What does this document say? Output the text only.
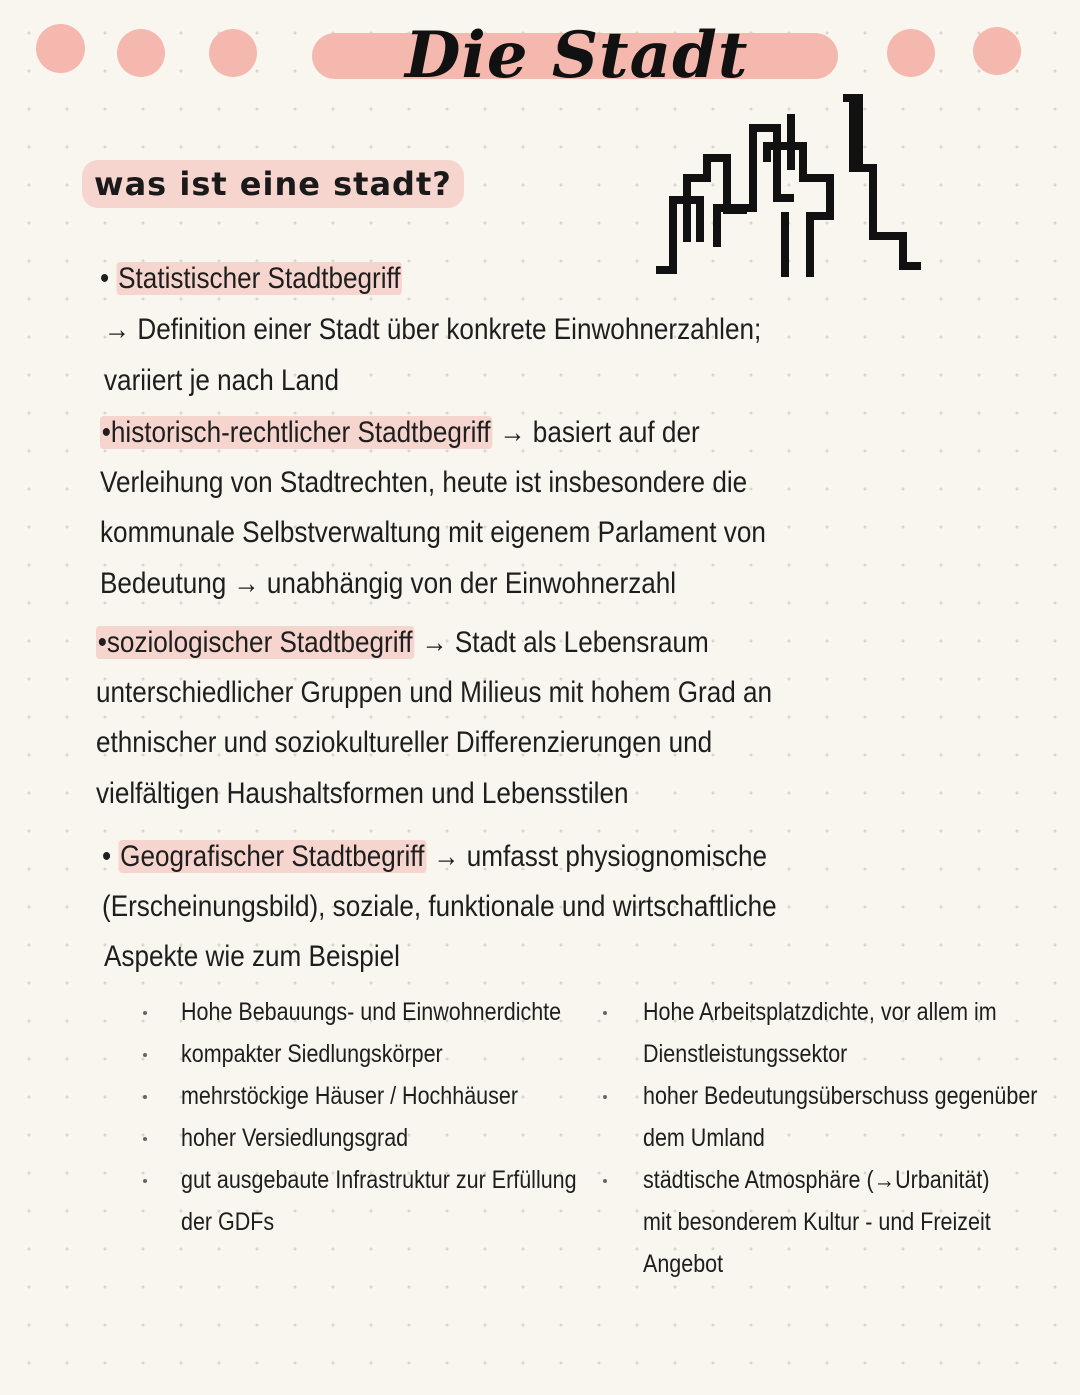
Die Stadt
was ist eine stadt?

• Statistischer Stadtbegriff

→ Definition einer Stadt über konkrete Einwohnerzahlen;

variiert je nach Land

•historisch-rechtlicher Stadtbegriff → basiert auf der

Verleihung von Stadtrechten, heute ist insbesondere die

kommunale Selbstverwaltung mit eigenem Parlament von

Bedeutung → unabhängig von der Einwohnerzahl

•soziologischer Stadtbegriff → Stadt als Lebensraum

unterschiedlicher Gruppen und Milieus mit hohem Grad an

ethnischer und soziokultureller Differenzierungen und

vielfältigen Haushaltsformen und Lebensstilen

• Geografischer Stadtbegriff → umfasst physiognomische

(Erscheinungsbild), soziale, funktionale und wirtschaftliche

Aspekte wie zum Beispiel

Hohe Bebauungs- und Einwohnerdichte
kompakter Siedlungskörper
mehrstöckige Häuser / Hochhäuser
hoher Versiedlungsgrad
gut ausgebaute Infrastruktur zur Erfüllung
der GDFs
Hohe Arbeitsplatzdichte, vor allem im
Dienstleistungssektor
hoher Bedeutungsüberschuss gegenüber
dem Umland
städtische Atmosphäre (→Urbanität)
mit besonderem Kultur - und Freizeit
Angebot
